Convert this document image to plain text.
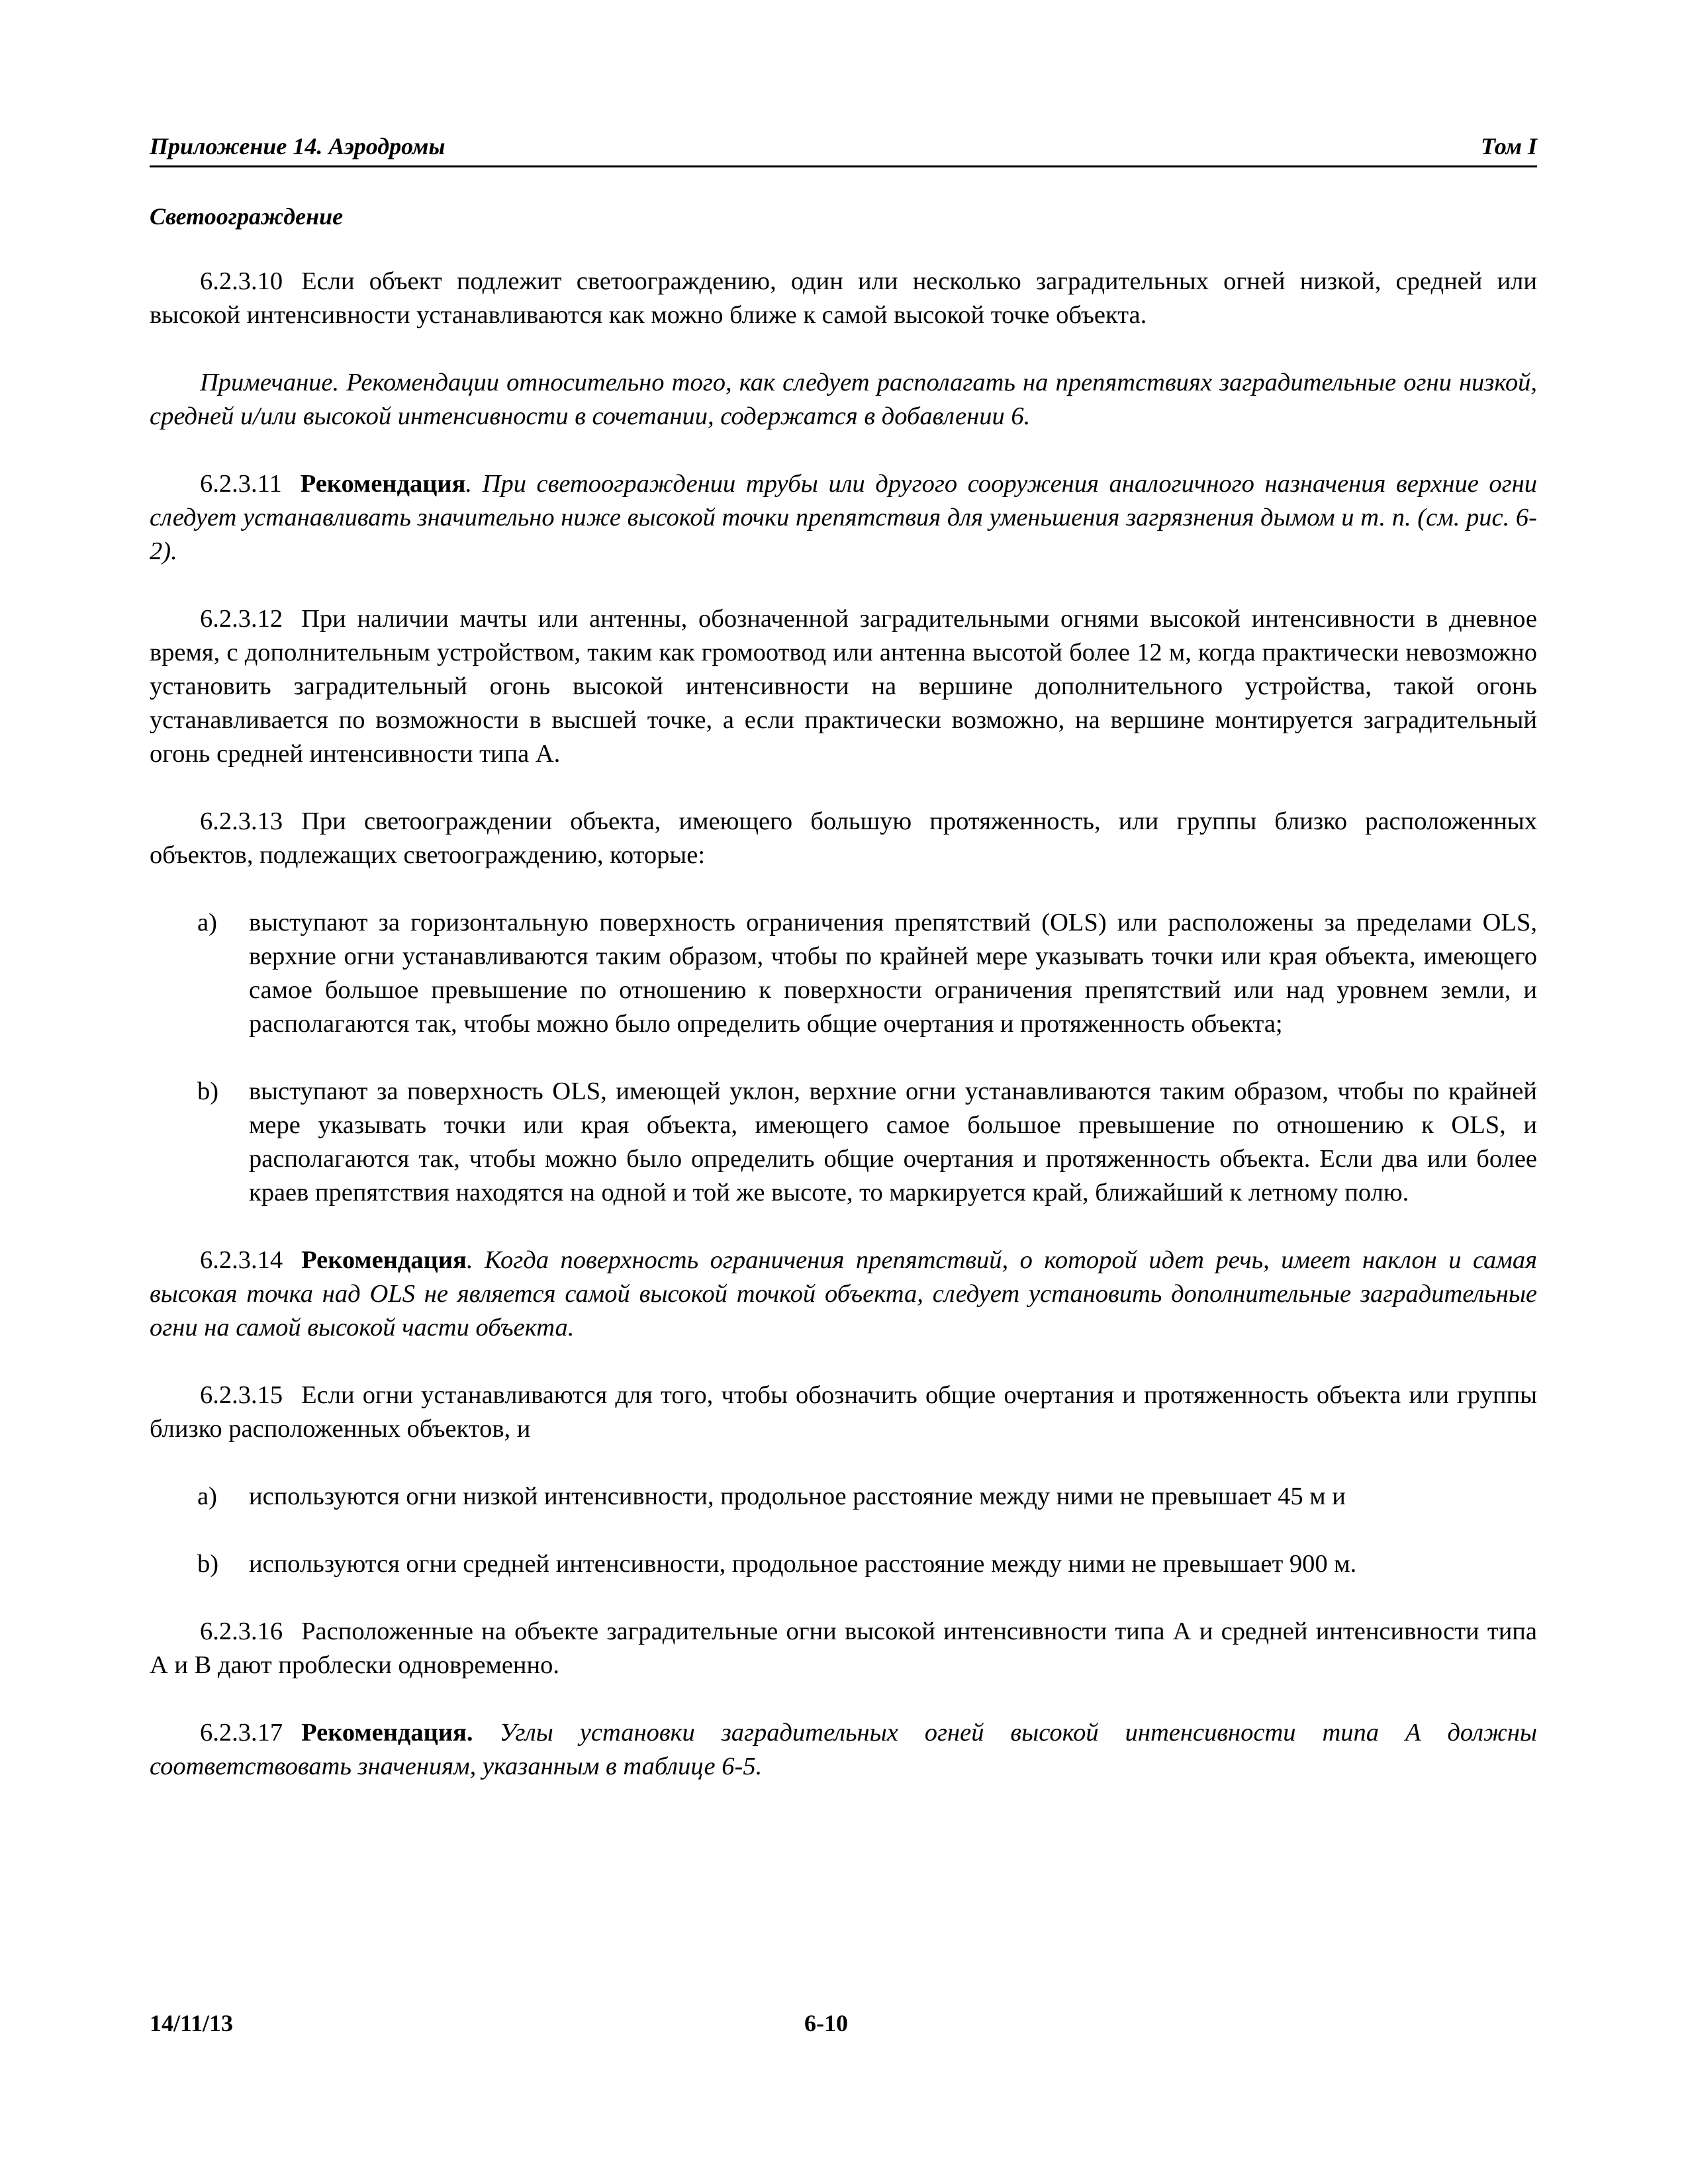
Приложение 14. Аэродромы	Том I
Светоограждение

6.2.3.10 Если объект подлежит светоограждению, один или несколько заградительных огней низкой, средней или высокой интенсивности устанавливаются как можно ближе к самой высокой точке объекта.

Примечание. Рекомендации относительно того, как следует располагать на препятствиях заградительные огни низкой, средней и/или высокой интенсивности в сочетании, содержатся в добавлении 6.

6.2.3.11 Рекомендация. При светоограждении трубы или другого сооружения аналогичного назначения верхние огни следует устанавливать значительно ниже высокой точки препятствия для уменьшения загрязнения дымом и т. п. (см. рис. 6-2).

6.2.3.12 При наличии мачты или антенны, обозначенной заградительными огнями высокой интенсивности в дневное время, с дополнительным устройством, таким как громоотвод или антенна высотой более 12 м, когда практически невозможно установить заградительный огонь высокой интенсивности на вершине дополнительного устройства, такой огонь устанавливается по возможности в высшей точке, а если практически возможно, на вершине монтируется заградительный огонь средней интенсивности типа А.

6.2.3.13 При светоограждении объекта, имеющего большую протяженность, или группы близко расположенных объектов, подлежащих светоограждению, которые:

a) выступают за горизонтальную поверхность ограничения препятствий (OLS) или расположены за пределами OLS, верхние огни устанавливаются таким образом, чтобы по крайней мере указывать точки или края объекта, имеющего самое большое превышение по отношению к поверхности ограничения препятствий или над уровнем земли, и располагаются так, чтобы можно было определить общие очертания и протяженность объекта;
b) выступают за поверхность OLS, имеющей уклон, верхние огни устанавливаются таким образом, чтобы по крайней мере указывать точки или края объекта, имеющего самое большое превышение по отношению к OLS, и располагаются так, чтобы можно было определить общие очертания и протяженность объекта. Если два или более краев препятствия находятся на одной и той же высоте, то маркируется край, ближайший к летному полю.

6.2.3.14 Рекомендация. Когда поверхность ограничения препятствий, о которой идет речь, имеет наклон и самая высокая точка над OLS не является самой высокой точкой объекта, следует установить дополнительные заградительные огни на самой высокой части объекта.

6.2.3.15 Если огни устанавливаются для того, чтобы обозначить общие очертания и протяженность объекта или группы близко расположенных объектов, и

a) используются огни низкой интенсивности, продольное расстояние между ними не превышает 45 м и
b) используются огни средней интенсивности, продольное расстояние между ними не превышает 900 м.

6.2.3.16 Расположенные на объекте заградительные огни высокой интенсивности типа А и средней интенсивности типа А и В дают проблески одновременно.

6.2.3.17 Рекомендация. Углы установки заградительных огней высокой интенсивности типа А должны соответствовать значениям, указанным в таблице 6-5.

14/11/13	6-10
